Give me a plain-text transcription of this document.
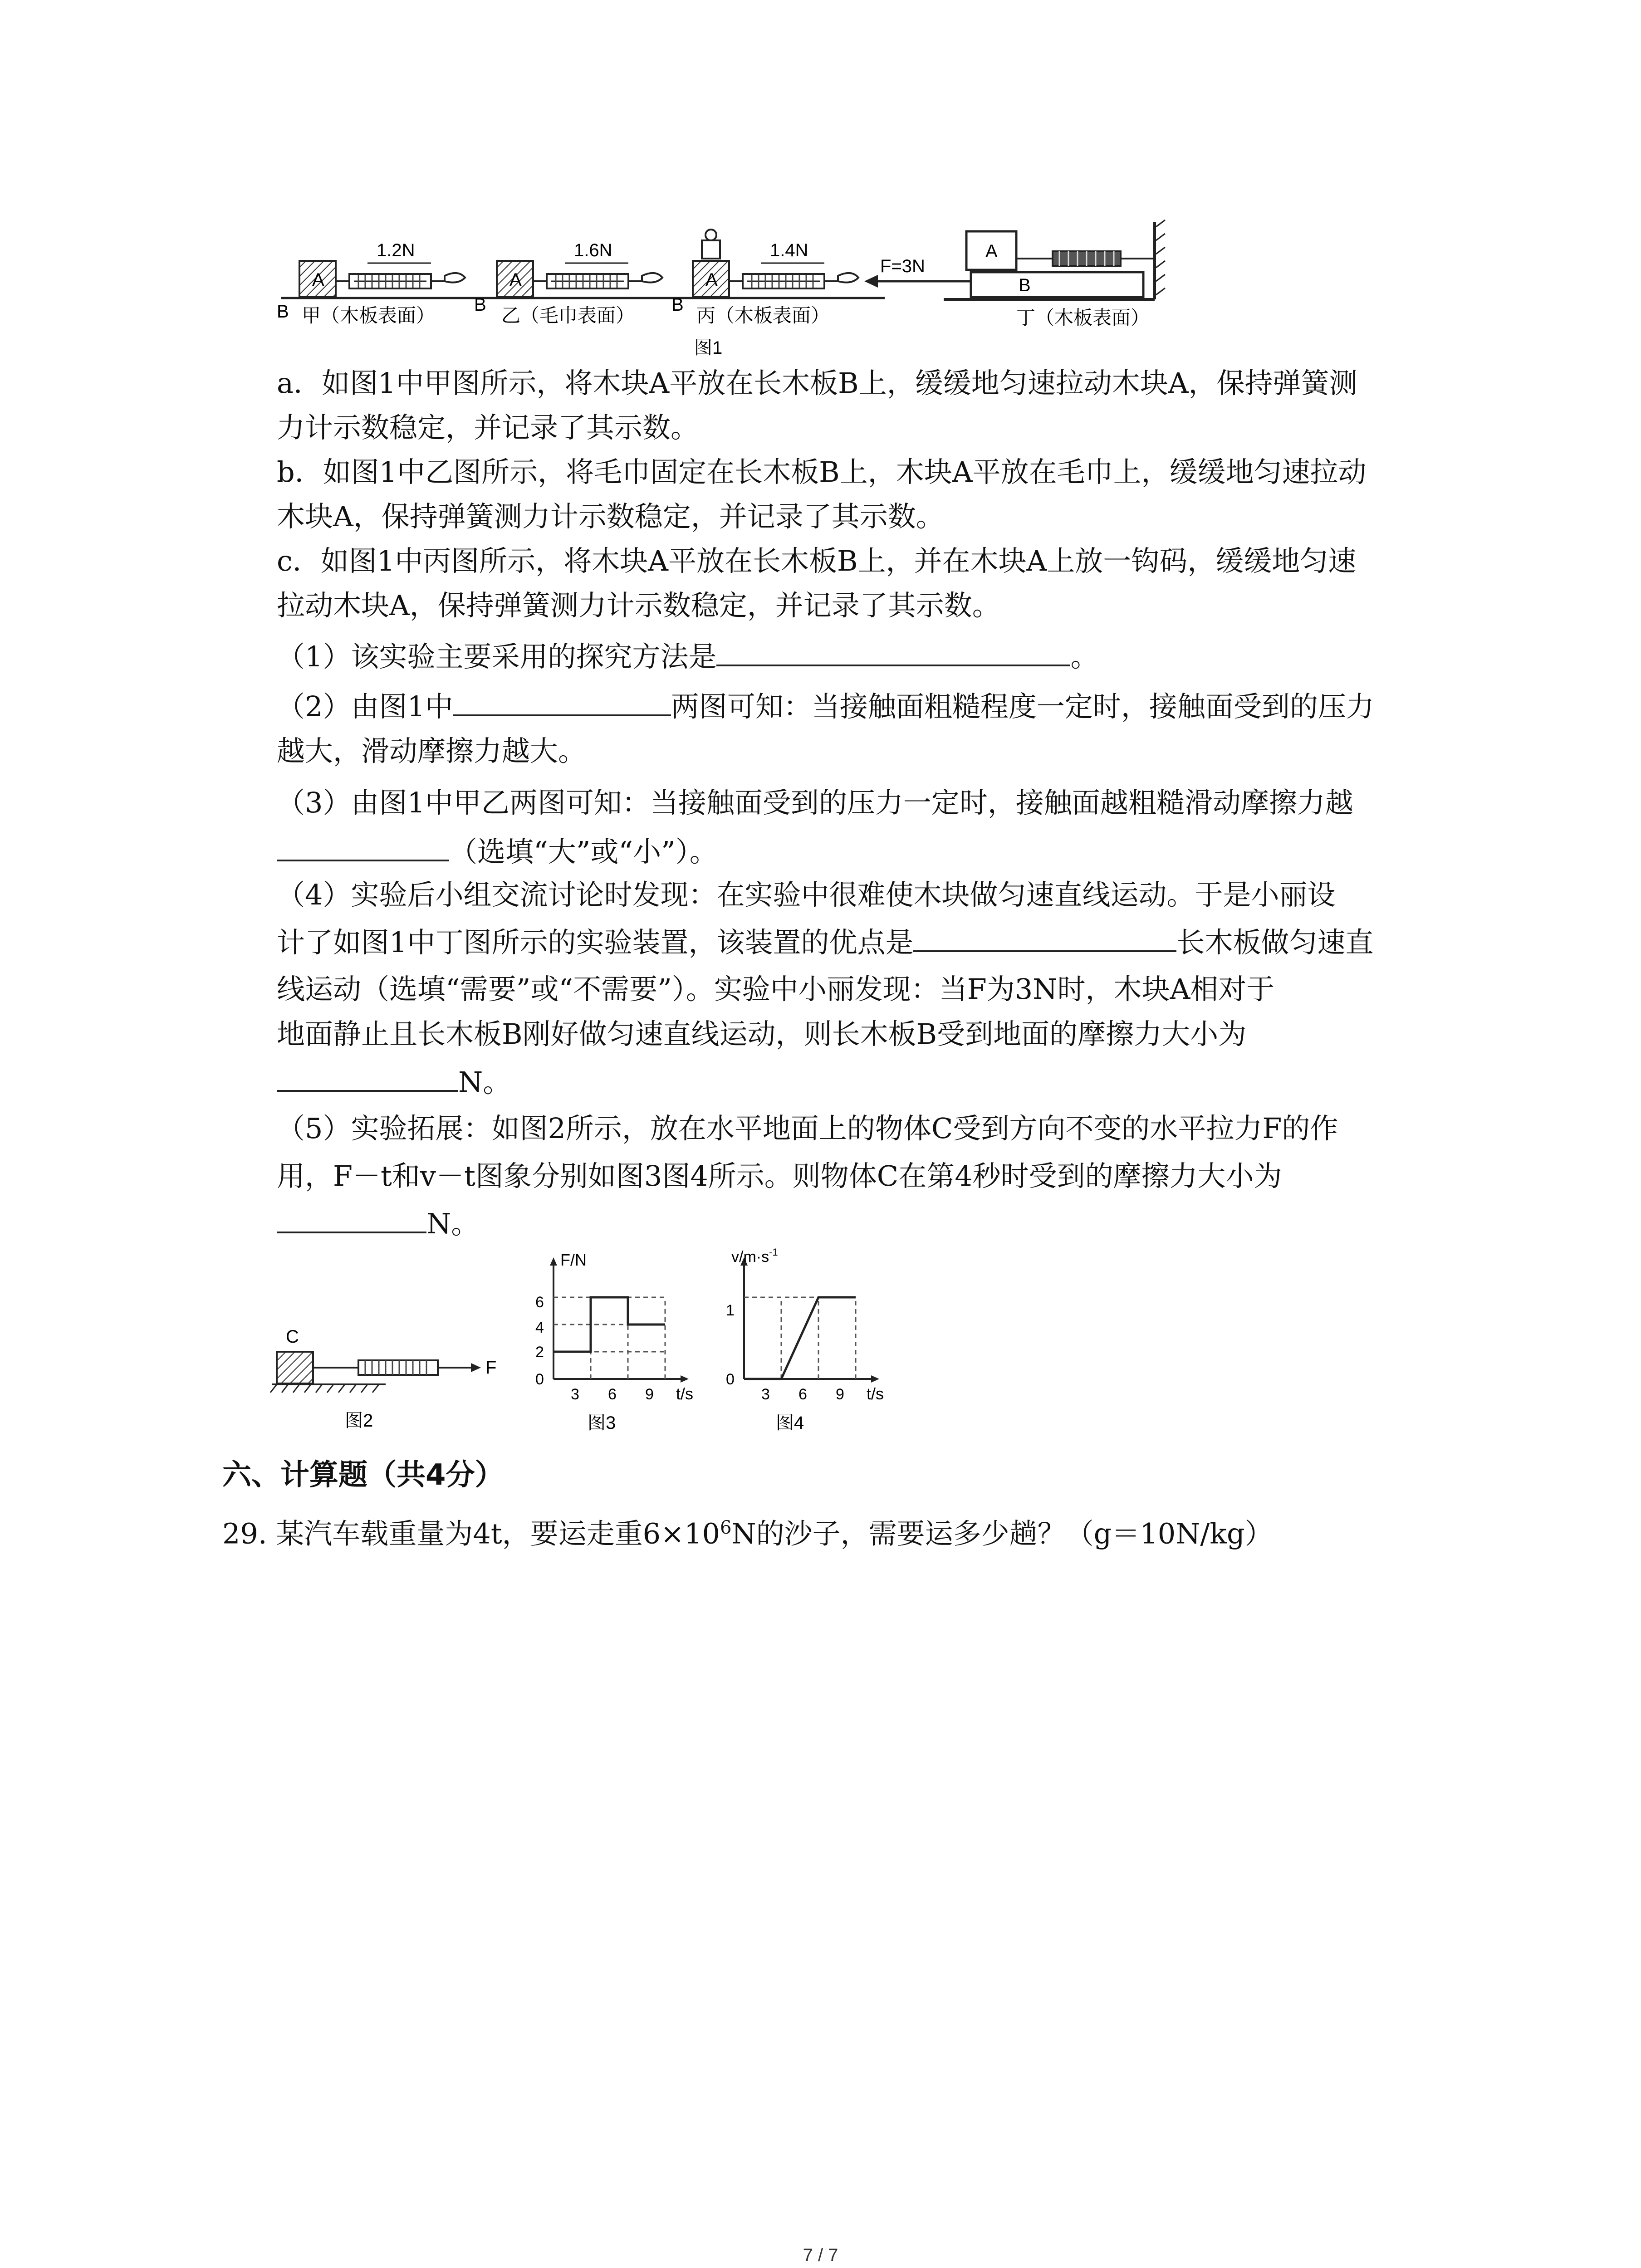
A
1.2N
B 甲（木板表面）
A
1.6N
B 乙（毛巾表面）
A
1.4N
B 丙（木板表面）
F=3N
B
A
丁（木板表面）
图1
a．如图1中甲图所示，将木块A平放在长木板B上，缓缓地匀速拉动木块A，保持弹簧测
力计示数稳定，并记录了其示数。
b．如图1中乙图所示，将毛巾固定在长木板B上，木块A平放在毛巾上，缓缓地匀速拉动
木块A，保持弹簧测力计示数稳定，并记录了其示数。
c．如图1中丙图所示，将木块A平放在长木板B上，并在木块A上放一钩码，缓缓地匀速
拉动木块A，保持弹簧测力计示数稳定，并记录了其示数。
（1）该实验主要采用的探究方法是	。
（2）由图1中	两图可知：当接触面粗糙程度一定时，接触面受到的压力
越大，滑动摩擦力越大。
（3）由图1中甲乙两图可知：当接触面受到的压力一定时，接触面越粗糙滑动摩擦力越
（选填“大”或“小”）。
（4）实验后小组交流讨论时发现：在实验中很难使木块做匀速直线运动。于是小丽设
计了如图1中丁图所示的实验装置，该装置的优点是	长木板做匀速直
线运动（选填“需要”或“不需要”）。实验中小丽发现：当F为3N时，木块A相对于
地面静止且长木板B刚好做匀速直线运动，则长木板B受到地面的摩擦力大小为
N。
（5）实验拓展：如图2所示，放在水平地面上的物体C受到方向不变的水平拉力F的作
用，F－t和v－t图象分别如图3图4所示。则物体C在第4秒时受到的摩擦力大小为
N。
C
F
图2
F/N
t/s
6
4
2
0
3 6 9
图3
$v/m\cdot s^{-1}$
t/s
1
0
3 6 9
图4
六、计算题（共4分）
29. 某汽车载重量为4t，要运走重$6\times 10^6N$的沙子，需要运多少趟？（g＝10N/kg）
7 / 7
